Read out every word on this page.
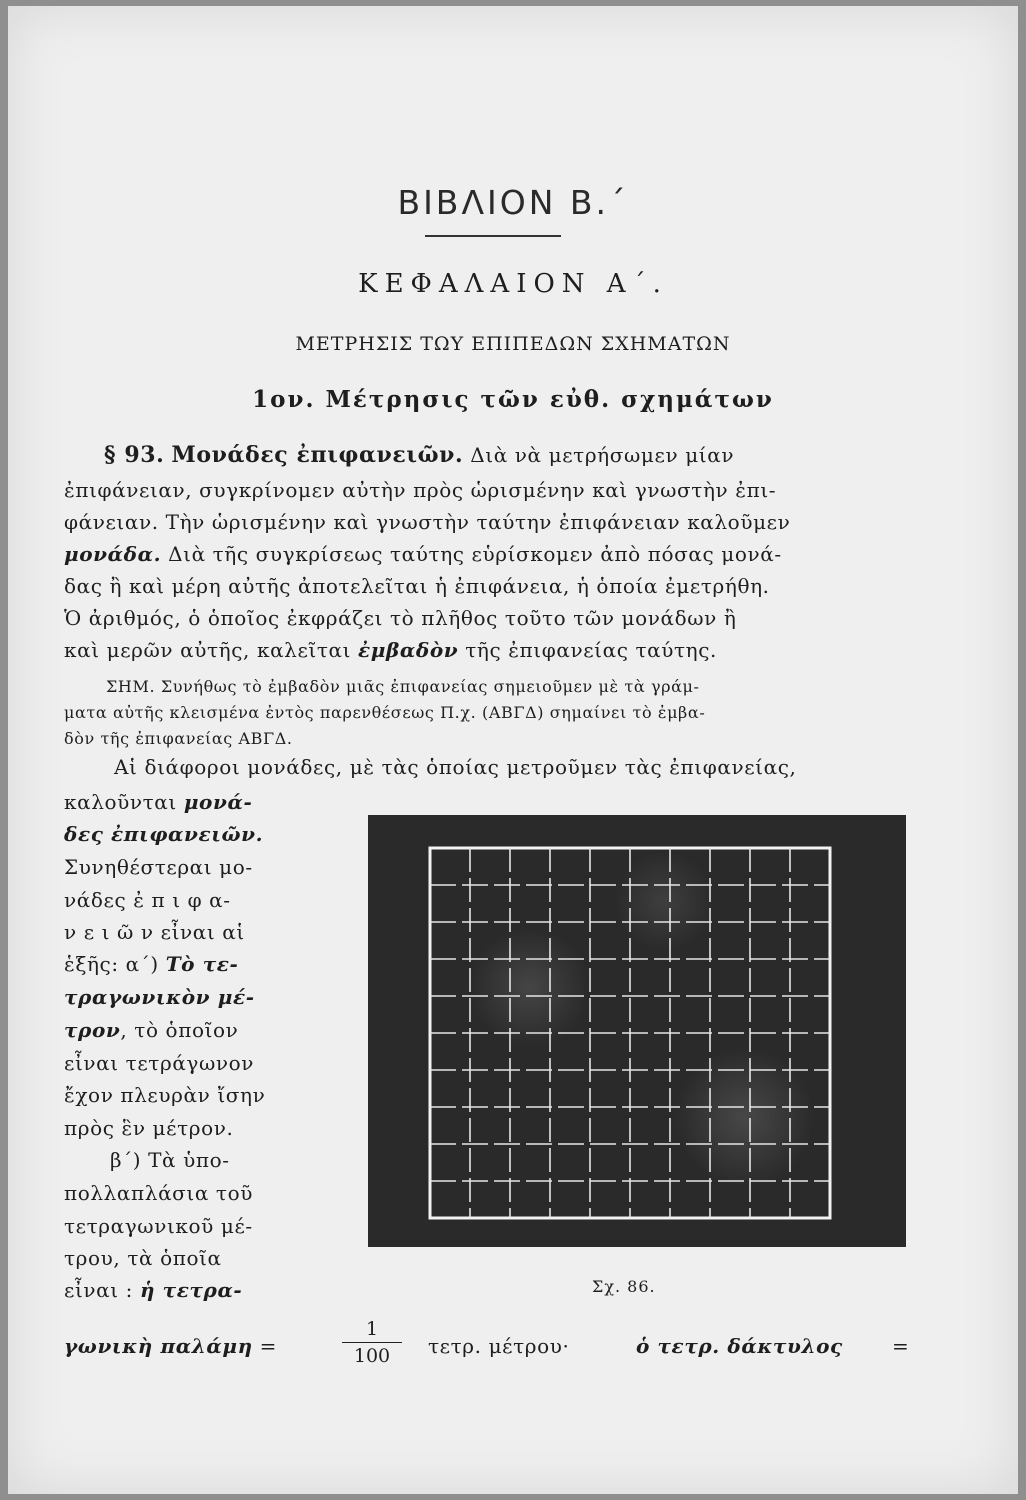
ΒΙΒΛΙΟΝ Β.΄
ΚΕΦΑΛΑΙΟΝ Α΄.
ΜΕΤΡΗΣΙΣ ΤΩΥ ΕΠΙΠΕΔΩΝ ΣΧΗΜΑΤΩΝ
1ον. Μέτρησις τῶν εὐθ. σχημάτων
§ 93. Μονάδες ἐπιφανειῶν. Διὰ νὰ μετρήσωμεν μίαν
ἐπιφάνειαν, συγκρίνομεν αὐτὴν πρὸς ὡρισμένην καὶ γνωστὴν ἐπι-
φάνειαν. Τὴν ὡρισμένην καὶ γνωστὴν ταύτην ἐπιφάνειαν καλοῦμεν
μονάδα. Διὰ τῆς συγκρίσεως ταύτης εὑρίσκομεν ἀπὸ πόσας μονά-
δας ἢ καὶ μέρη αὐτῆς ἀποτελεῖται ἡ ἐπιφάνεια, ἡ ὁποία ἐμετρήθη.
Ὁ ἀριθμός, ὁ ὁποῖος ἐκφράζει τὸ πλῆθος τοῦτο τῶν μονάδων ἢ
καὶ μερῶν αὐτῆς, καλεῖται ἐμβαδὸν τῆς ἐπιφανείας ταύτης.
ΣΗΜ. Συνήθως τὸ ἐμβαδὸν μιᾶς ἐπιφανείας σημειοῦμεν μὲ τὰ γράμ-
ματα αὐτῆς κλεισμένα ἐντὸς παρενθέσεως Π.χ. (ΑΒΓΔ) σημαίνει τὸ ἐμβα-
δὸν τῆς ἐπιφανείας ΑΒΓΔ.
Αἱ διάφοροι μονάδες, μὲ τὰς ὁποίας μετροῦμεν τὰς ἐπιφανείας,
καλοῦνται μονά-
δες ἐπιφανειῶν.
Συνηθέστεραι μο-
νάδες ἐ π ι φ α-
ν ε ι ῶ ν εἶναι αἱ
ἑξῆς: α΄) Τὸ τε-
τραγωνικὸν μέ-
τρον, τὸ ὁποῖον
εἶναι τετράγωνον
ἔχον πλευρὰν ἴσην
πρὸς ἓν μέτρον.
β΄) Τὰ ὑπο-
πολλαπλάσια τοῦ
τετραγωνικοῦ μέ-
τρου, τὰ ὁποῖα
εἶναι : ἡ τετρα-
γωνικὴ παλάμη =
1
100	τετρ. μέτρου·	ὁ τετρ. δάκτυλος =
Σχ. 86.
